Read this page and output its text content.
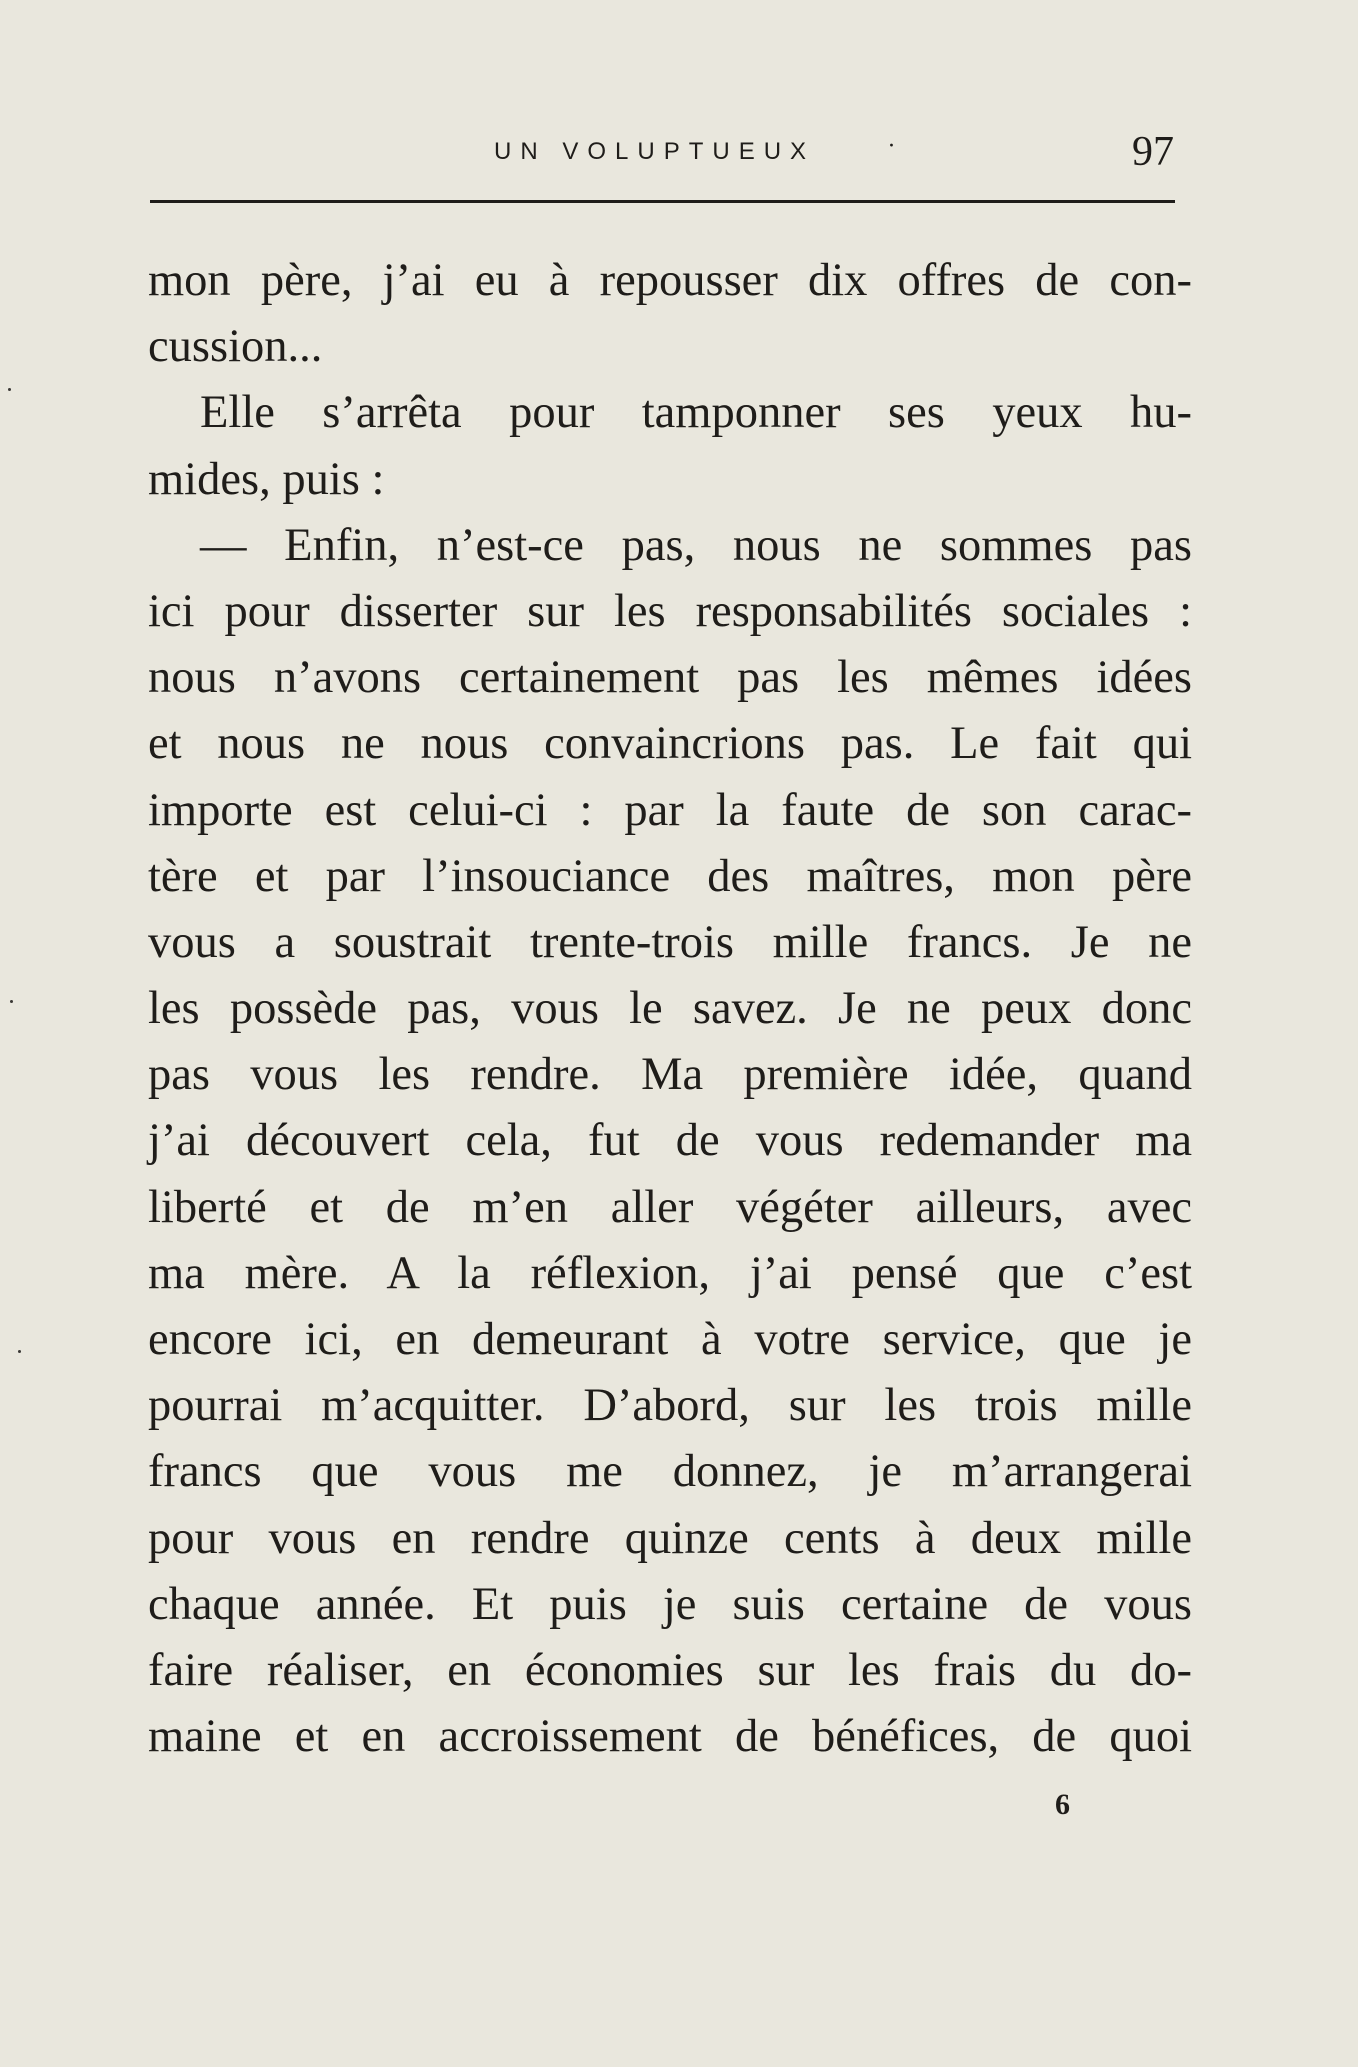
UN VOLUPTUEUX	·	97
mon père, j’ai eu à repousser dix offres de con-
cussion...
Elle s’arrêta pour tamponner ses yeux hu-
mides, puis :
— Enfin, n’est-ce pas, nous ne sommes pas
ici pour disserter sur les responsabilités sociales :
nous n’avons certainement pas les mêmes idées
et nous ne nous convaincrions pas. Le fait qui
importe est celui-ci : par la faute de son carac-
tère et par l’insouciance des maîtres, mon père
vous a soustrait trente-trois mille francs. Je ne
les possède pas, vous le savez. Je ne peux donc
pas vous les rendre. Ma première idée, quand
j’ai découvert cela, fut de vous redemander ma
liberté et de m’en aller végéter ailleurs, avec
ma mère. A la réflexion, j’ai pensé que c’est
encore ici, en demeurant à votre service, que je
pourrai m’acquitter. D’abord, sur les trois mille
francs que vous me donnez, je m’arrangerai
pour vous en rendre quinze cents à deux mille
chaque année. Et puis je suis certaine de vous
faire réaliser, en économies sur les frais du do-
maine et en accroissement de bénéfices, de quoi
6
